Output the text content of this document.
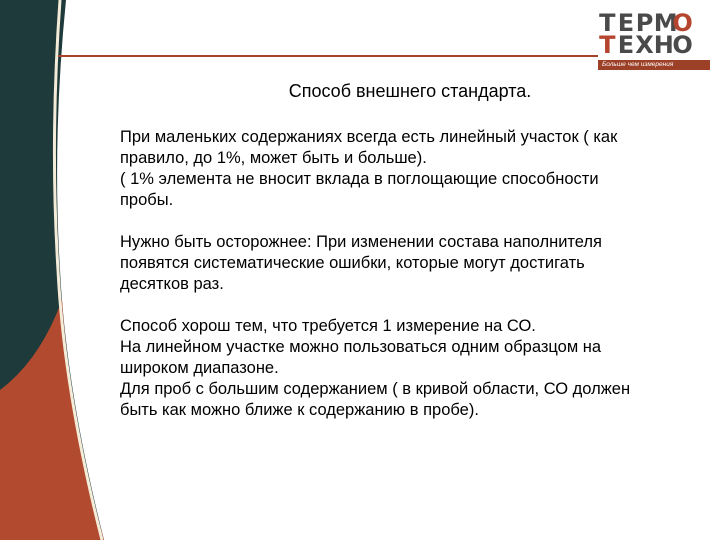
Т Е Р М
О
Т Е Х Н
О
Больше чем измерения
Способ внешнего стандарта.
При маленьких содержаниях всегда есть линейный участок ( как
правило, до 1%, может быть и больше).
( 1% элемента не вносит вклада в поглощающие способности
пробы.
Нужно быть осторожнее: При изменении состава наполнителя
появятся систематические ошибки, которые могут достигать
десятков раз.
Способ хорош тем, что требуется 1 измерение на СО.
На линейном участке можно пользоваться одним образцом на
широком диапазоне.
Для проб с большим содержанием ( в кривой области, СО должен
быть как можно ближе к содержанию в пробе).
